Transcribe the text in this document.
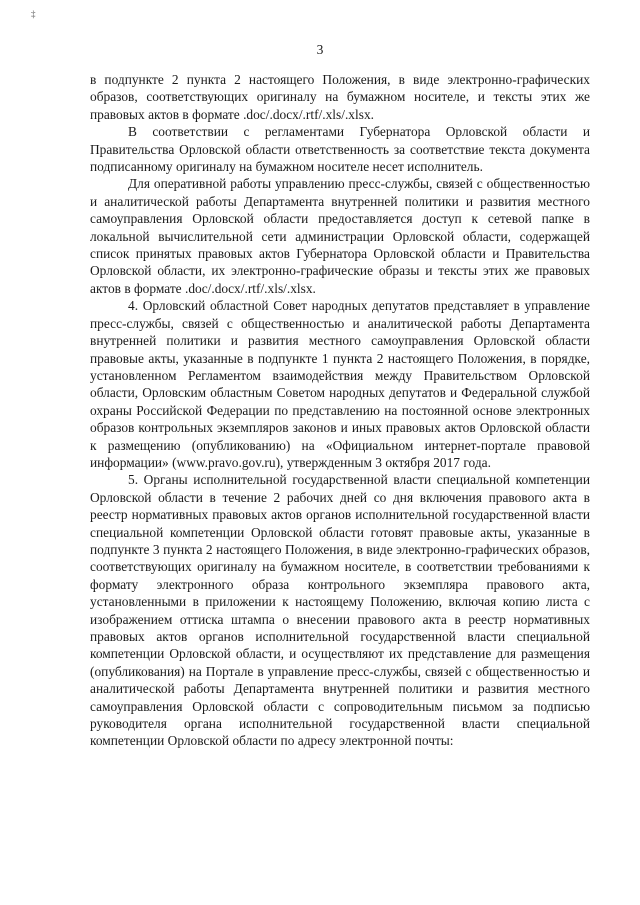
‡
3

в подпункте 2 пункта 2 настоящего Положения, в виде электронно-графических образов, соответствующих оригиналу на бумажном носителе, и тексты этих же правовых актов в формате .doc/.docx/.rtf/.xls/.xlsx.

В соответствии с регламентами Губернатора Орловской области и Правительства Орловской области ответственность за соответствие текста документа подписанному оригиналу на бумажном носителе несет исполнитель.

Для оперативной работы управлению пресс-службы, связей с общественностью и аналитической работы Департамента внутренней политики и развития местного самоуправления Орловской области предоставляется доступ к сетевой папке в локальной вычислительной сети администрации Орловской области, содержащей список принятых правовых актов Губернатора Орловской области и Правительства Орловской области, их электронно-графические образы и тексты этих же правовых актов в формате .doc/.docx/.rtf/.xls/.xlsx.

4. Орловский областной Совет народных депутатов представляет в управление пресс-службы, связей с общественностью и аналитической работы Департамента внутренней политики и развития местного самоуправления Орловской области правовые акты, указанные в подпункте 1 пункта 2 настоящего Положения, в порядке, установленном Регламентом взаимодействия между Правительством Орловской области, Орловским областным Советом народных депутатов и Федеральной службой охраны Российской Федерации по представлению на постоянной основе электронных образов контрольных экземпляров законов и иных правовых актов Орловской области к размещению (опубликованию) на «Официальном интернет-портале правовой информации» (www.pravo.gov.ru), утвержденным 3 октября 2017 года.

5. Органы исполнительной государственной власти специальной компетенции Орловской области в течение 2 рабочих дней со дня включения правового акта в реестр нормативных правовых актов органов исполнительной государственной власти специальной компетенции Орловской области готовят правовые акты, указанные в подпункте 3 пункта 2 настоящего Положения, в виде электронно-графических образов, соответствующих оригиналу на бумажном носителе, в соответствии требованиями к формату электронного образа контрольного экземпляра правового акта, установленными в приложении к настоящему Положению, включая копию листа с изображением оттиска штампа о внесении правового акта в реестр нормативных правовых актов органов исполнительной государственной власти специальной компетенции Орловской области, и осуществляют их представление для размещения (опубликования) на Портале в управление пресс-службы, связей с общественностью и аналитической работы Департамента внутренней политики и развития местного самоуправления Орловской области с сопроводительным письмом за подписью руководителя органа исполнительной государственной власти специальной компетенции Орловской области по адресу электронной почты:
